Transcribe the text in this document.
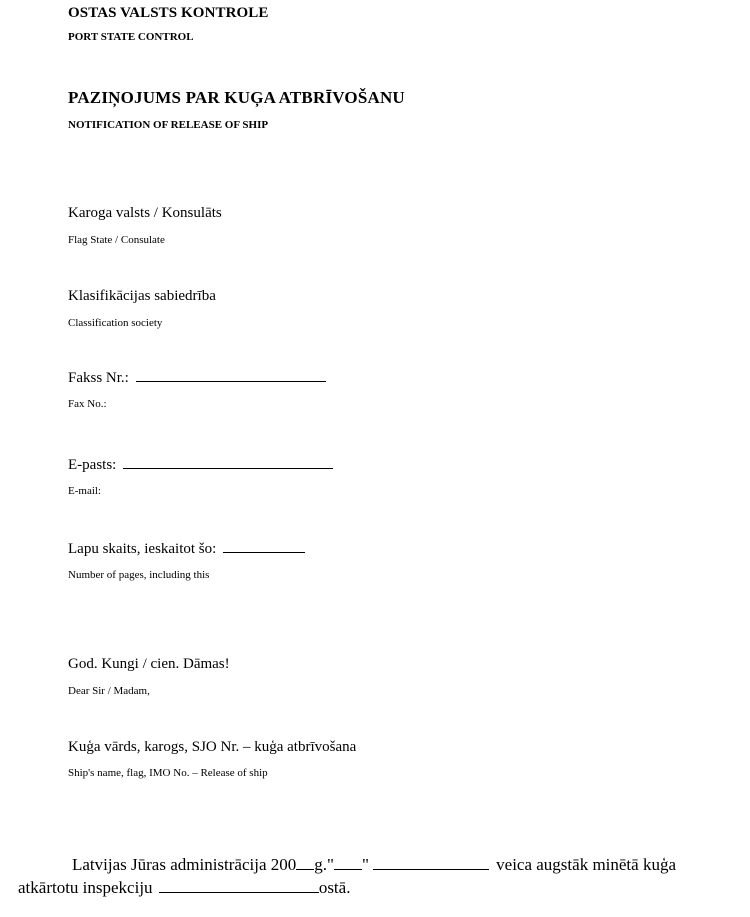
OSTAS VALSTS KONTROLE
PORT STATE CONTROL
PAZIŅOJUMS PAR KUĢA ATBRĪVOŠANU
NOTIFICATION OF RELEASE OF SHIP
Karoga valsts / Konsulāts
Flag State / Consulate
Klasifikācijas sabiedrība
Classification society
Fakss Nr.:
Fax No.:
E-pasts:
E-mail:
Lapu skaits, ieskaitot šo:
Number of pages, including this
God. Kungi / cien. Dāmas!
Dear Sir / Madam,
Kuģa vārds, karogs, SJO Nr. – kuģa atbrīvošana
Ship's name, flag, IMO No. – Release of ship
Latvijas Jūras administrācija 200 g." "	veica augstāk minētā kuģa
atkārtotu inspekciju	ostā.
